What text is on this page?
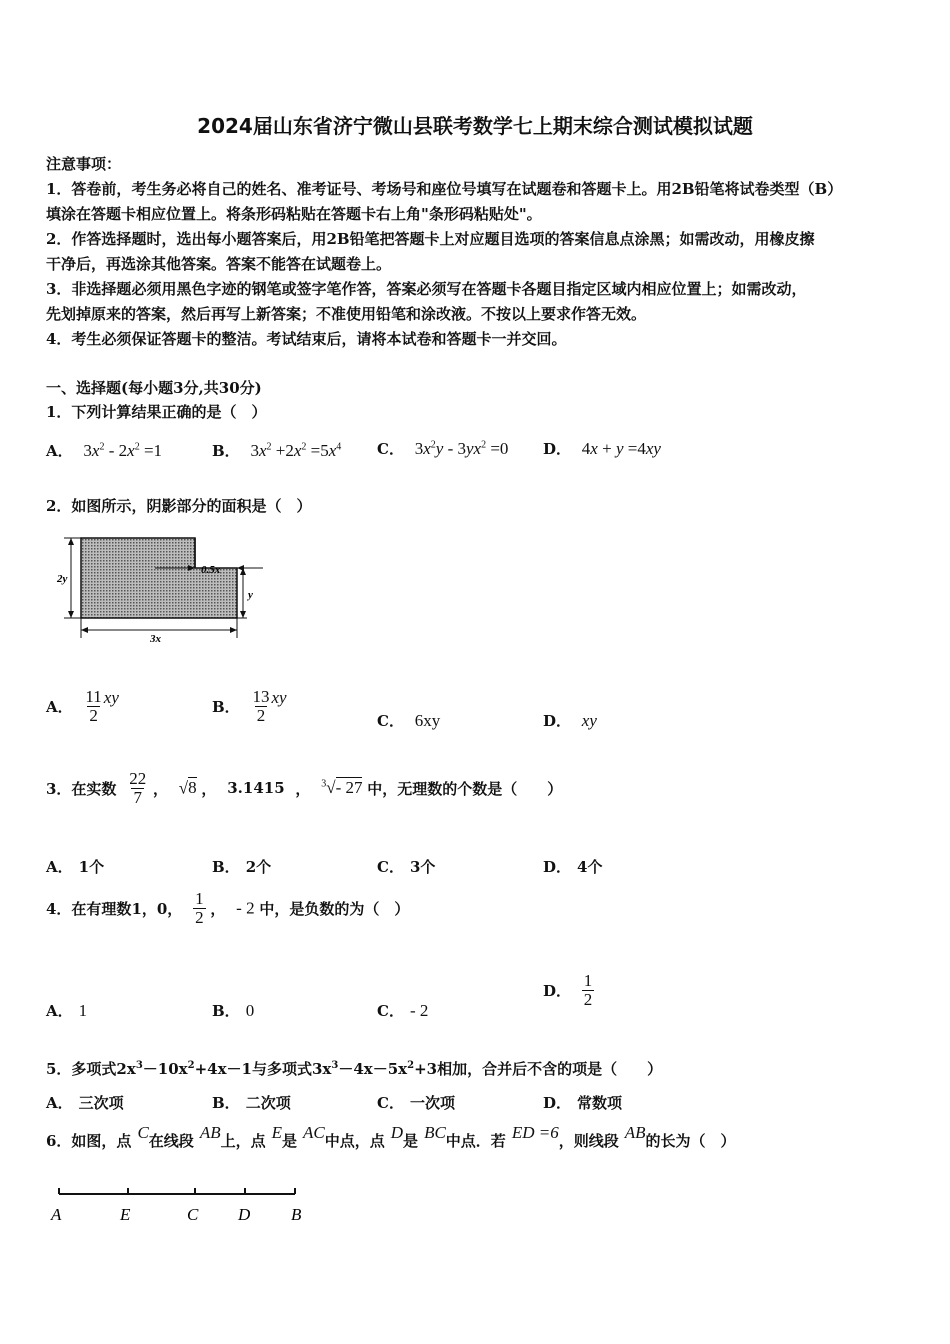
2024届山东省济宁微山县联考数学七上期末综合测试模拟试题
注意事项：
1．答卷前，考生务必将自己的姓名、准考证号、考场号和座位号填写在试题卷和答题卡上。用2B铅笔将试卷类型（B）
填涂在答题卡相应位置上。将条形码粘贴在答题卡右上角"条形码粘贴处"。
2．作答选择题时，选出每小题答案后，用2B铅笔把答题卡上对应题目选项的答案信息点涂黑；如需改动，用橡皮擦
干净后，再选涂其他答案。答案不能答在试题卷上。
3．非选择题必须用黑色字迹的钢笔或签字笔作答，答案必须写在答题卡各题目指定区域内相应位置上；如需改动，
先划掉原来的答案，然后再写上新答案；不准使用铅笔和涂改液。不按以上要求作答无效。
4．考生必须保证答题卡的整洁。考试结束后，请将本试卷和答题卡一并交回。
一、选择题(每小题3分,共30分)
1．下列计算结果正确的是（　）
A． $3x^2 - 2x^2 =1$	B． $3x^2 +2x^2 =5x^4$ C． $3x^2y - 3yx^2 =0$ D． 4x + y =4xy
2．如图所示，阴影部分的面积是（　）
2y
0.5x
y
3x
A． $\frac{11}{2}$ xy	B． $\frac{13}{2}$ xy
C． 6xy	D． xy
3．在实数 $\frac{22}{7}$ ， √8 ， 3.1415 ， $^3$√- 27 中，无理数的个数是（　　）
A． 1个	B． 2个	C． 3个	D． 4个
4．在有理数1，0， $\frac{1}{2}$ ， - 2 中，是负数的为（　）
A． 1	B． 0	C． - 2
D． $\frac{1}{2}$
5．多项式$2x^3-10x^2+4x-1$与多项式$3x^3-4x-5x^2+3$相加，合并后不含的项是（　　）
A． 三次项	B． 二次项	C． 一次项	D． 常数项
6．如图，点 C在线段 AB上，点 E是 AC中点，点 D是 BC中点．若 ED =6，则线段 AB的长为（　）
A	E	C D B
